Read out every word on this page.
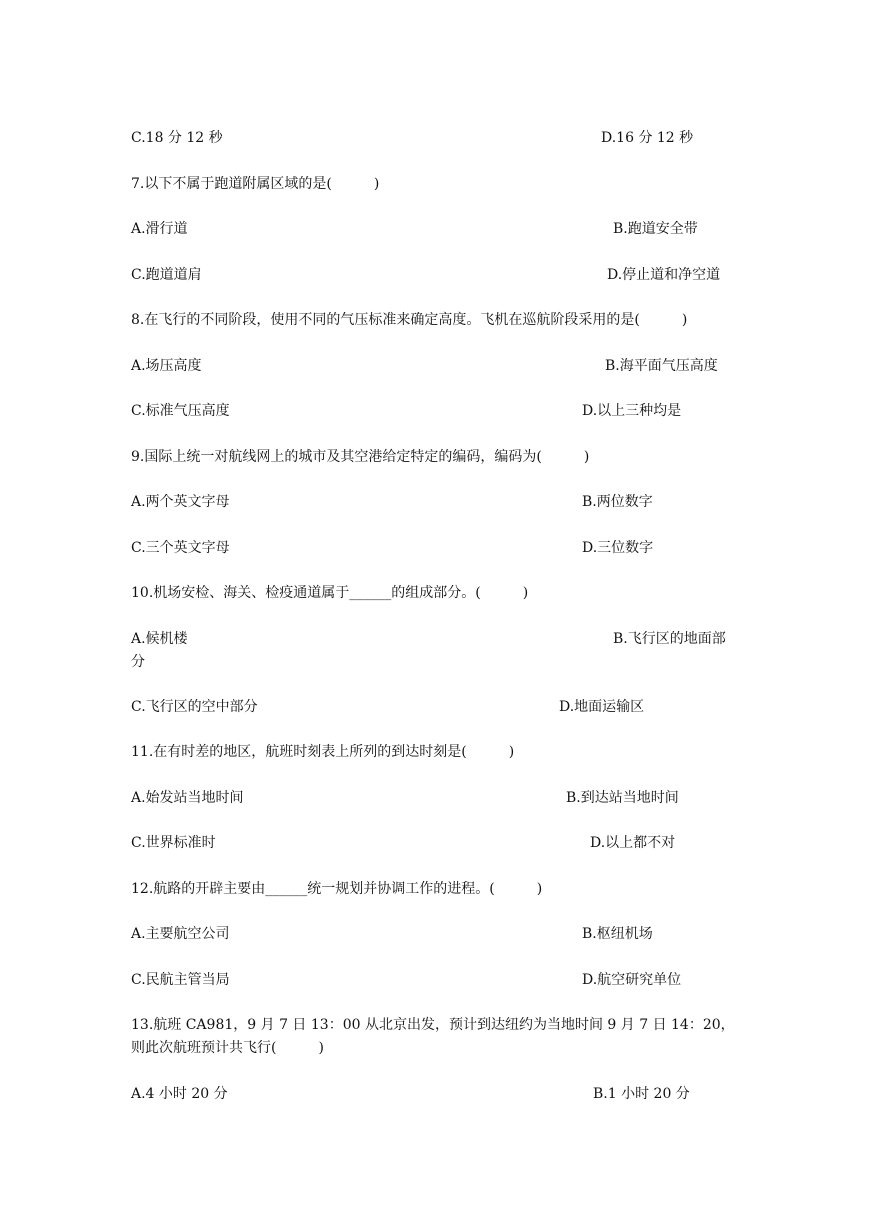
C.18 分 12 秒	D.16 分 12 秒
7.以下不属于跑道附属区域的是(　　　)
A.滑行道	B.跑道安全带
C.跑道道肩	D.停止道和净空道
8.在飞行的不同阶段，使用不同的气压标准来确定高度。飞机在巡航阶段采用的是(　　　)
A.场压高度	B.海平面气压高度
C.标准气压高度	D.以上三种均是
9.国际上统一对航线网上的城市及其空港给定特定的编码，编码为(　　　)
A.两个英文字母	B.两位数字
C.三个英文字母	D.三位数字
10.机场安检、海关、检疫通道属于______的组成部分。(　　　)
A.候机楼	B.飞行区的地面部
分
C.飞行区的空中部分	D.地面运输区
11.在有时差的地区，航班时刻表上所列的到达时刻是(　　　)
A.始发站当地时间	B.到达站当地时间
C.世界标准时	D.以上都不对
12.航路的开辟主要由______统一规划并协调工作的进程。(　　　)
A.主要航空公司	B.枢纽机场
C.民航主管当局	D.航空研究单位
13.航班 CA981，9 月 7 日 13：00 从北京出发，预计到达纽约为当地时间 9 月 7 日 14：20，
则此次航班预计共飞行(　　　)
A.4 小时 20 分	B.1 小时 20 分
